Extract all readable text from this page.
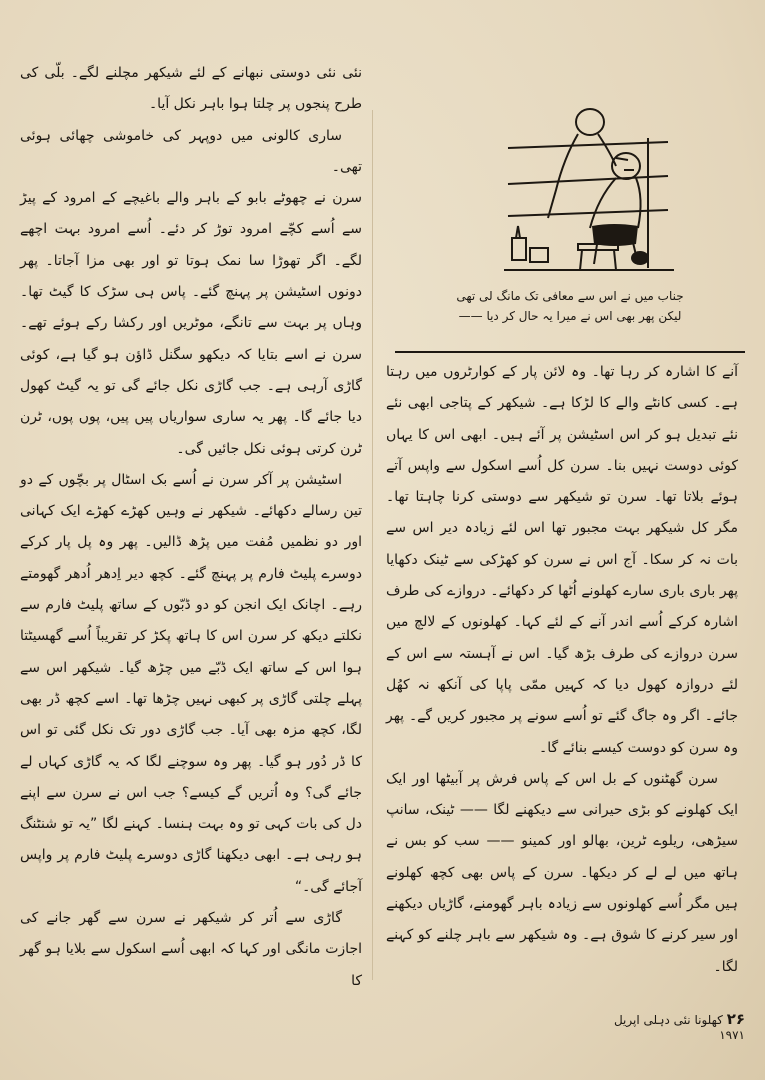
نئی نئی دوستی نبھانے کے لئے شیکھر مچلنے لگے۔ بلّی کی طرح پنجوں پر چلتا ہوا باہر نکل آیا۔

ساری کالونی میں دوپہر کی خاموشی چھائی ہوئی تھی۔

سرن نے چھوٹے بابو کے باہر والے باغیچے کے امرود کے پیڑ سے اُسے کچّے امرود توڑ کر دئے۔ اُسے امرود بہت اچھے لگے۔ اگر تھوڑا سا نمک ہوتا تو اور بھی مزا آجاتا۔ پھر دونوں اسٹیشن پر پہنچ گئے۔ پاس ہی سڑک کا گیٹ تھا۔ وہاں پر بہت سے تانگے، موٹریں اور رکشا رکے ہوئے تھے۔ سرن نے اسے بتایا کہ دیکھو سگنل ڈاؤن ہو گیا ہے، کوئی گاڑی آرہی ہے۔ جب گاڑی نکل جائے گی تو یہ گیٹ کھول دیا جائے گا۔ پھر یہ ساری سواریاں پیں پیں، پوں پوں، ٹرن ٹرن کرتی ہوئی نکل جائیں گی۔

اسٹیشن پر آکر سرن نے اُسے بک اسٹال پر بچّوں کے دو تین رسالے دکھائے۔ شیکھر نے وہیں کھڑے کھڑے ایک کہانی اور دو نظمیں مُفت میں پڑھ ڈالیں۔ پھر وہ پل پار کرکے دوسرے پلیٹ فارم پر پہنچ گئے۔ کچھ دیر اِدھر اُدھر گھومتے رہے۔ اچانک ایک انجن کو دو ڈبّوں کے ساتھ پلیٹ فارم سے نکلتے دیکھ کر سرن اس کا ہاتھ پکڑ کر تقریباً اُسے گھسیٹتا ہوا اس کے ساتھ ایک ڈبّے میں چڑھ گیا۔ شیکھر اس سے پہلے چلتی گاڑی پر کبھی نہیں چڑھا تھا۔ اسے کچھ ڈر بھی لگا، کچھ مزہ بھی آیا۔ جب گاڑی دور تک نکل گئی تو اس کا ڈر دُور ہو گیا۔ پھر وہ سوچنے لگا کہ یہ گاڑی کہاں لے جائے گی؟ وہ اُتریں گے کیسے؟ جب اس نے سرن سے اپنے دل کی بات کہی تو وہ بہت ہنسا۔ کہنے لگا ”یہ تو شنٹنگ ہو رہی ہے۔ ابھی دیکھنا گاڑی دوسرے پلیٹ فارم پر واپس آجائے گی۔“

گاڑی سے اُتر کر شیکھر نے سرن سے گھر جانے کی اجازت مانگی اور کہا کہ ابھی اُسے اسکول سے بلایا ہو گھر کا

جناب میں نے اس سے معافی تک مانگ لی تھی
لیکن پھر بھی اس نے میرا یہ حال کر دیا ——

آنے کا اشارہ کر رہا تھا۔ وہ لائن پار کے کوارٹروں میں رہتا ہے۔ کسی کانٹے والے کا لڑکا ہے۔ شیکھر کے پتاجی ابھی نئے نئے تبدیل ہو کر اس اسٹیشن پر آئے ہیں۔ ابھی اس کا یہاں کوئی دوست نہیں بنا۔ سرن کل اُسے اسکول سے واپس آتے ہوئے بلاتا تھا۔ سرن تو شیکھر سے دوستی کرنا چاہتا تھا۔ مگر کل شیکھر بہت مجبور تھا اس لئے زیادہ دیر اس سے بات نہ کر سکا۔ آج اس نے سرن کو کھڑکی سے ٹینک دکھایا پھر باری باری سارے کھلونے اُٹھا کر دکھائے۔ دروازے کی طرف اشارہ کرکے اُسے اندر آنے کے لئے کہا۔ کھلونوں کے لالچ میں سرن دروازے کی طرف بڑھ گیا۔ اس نے آہستہ سے اس کے لئے دروازہ کھول دیا کہ کہیں ممّی پاپا کی آنکھ نہ کھُل جائے۔ اگر وہ جاگ گئے تو اُسے سونے پر مجبور کریں گے۔ پھر وہ سرن کو دوست کیسے بنائے گا۔

سرن گھٹنوں کے بل اس کے پاس فرش پر آبیٹھا اور ایک ایک کھلونے کو بڑی حیرانی سے دیکھنے لگا —— ٹینک، سانپ سیڑھی، ریلوے ٹرین، بھالو اور کمینو —— سب کو بس نے ہاتھ میں لے لے کر دیکھا۔ سرن کے پاس بھی کچھ کھلونے ہیں مگر اُسے کھلونوں سے زیادہ باہر گھومنے، گاڑیاں دیکھنے اور سیر کرنے کا شوق ہے۔ وہ شیکھر سے باہر چلنے کو کہنے لگا۔

۲۶ کھلونا نئی دہلی اپریل ۱۹۷۱
